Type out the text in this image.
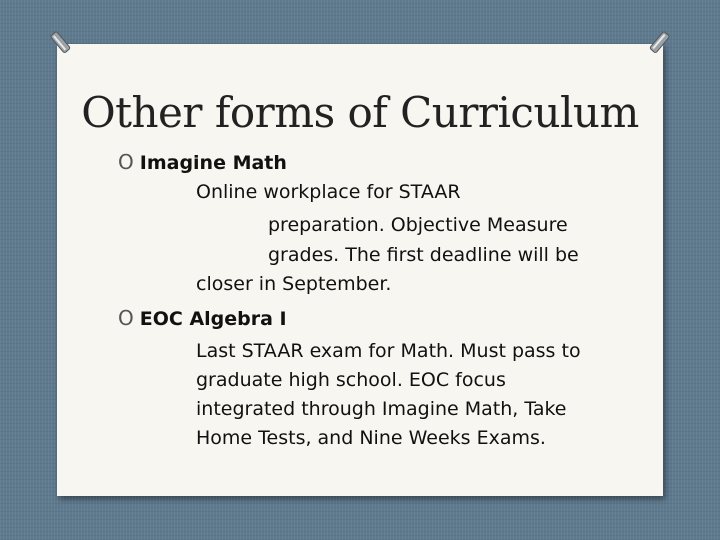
Other forms of Curriculum
O Imagine Math
Online workplace for STAAR
preparation. Objective Measure
grades. The first deadline will be
closer in September.
O EOC Algebra I
Last STAAR exam for Math. Must pass to
graduate high school. EOC focus
integrated through Imagine Math, Take
Home Tests, and Nine Weeks Exams.
